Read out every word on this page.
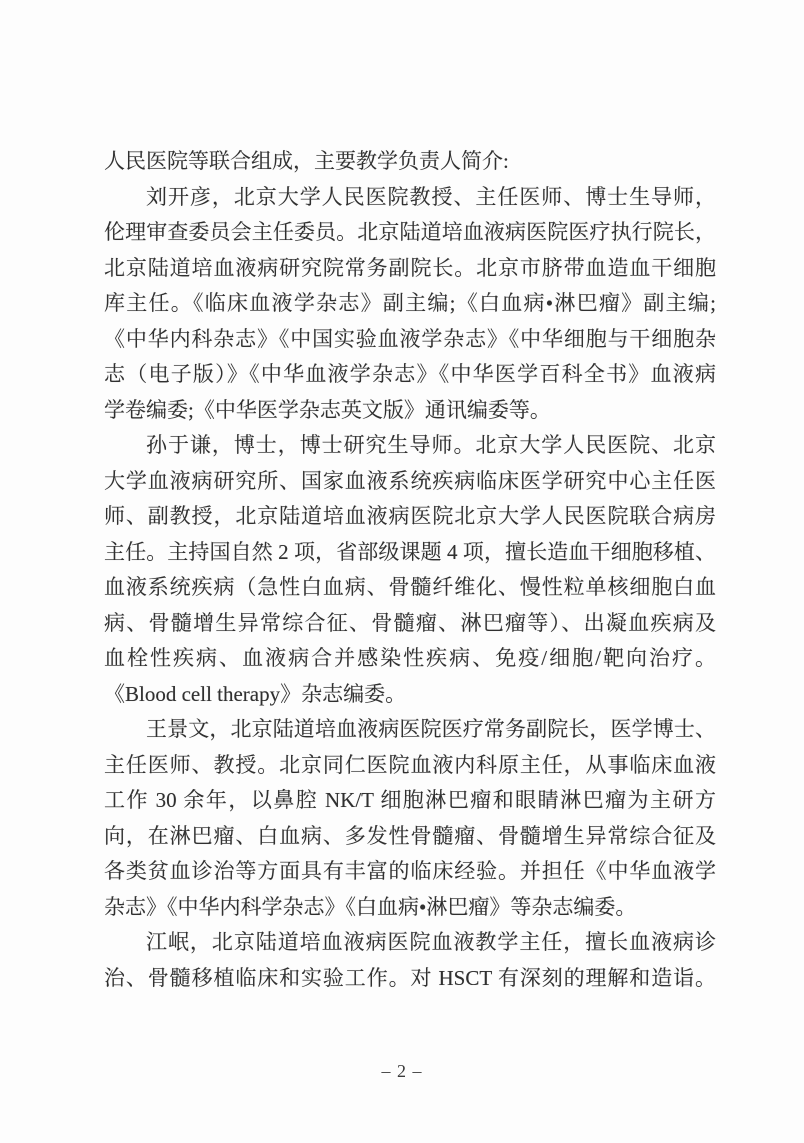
人民医院等联合组成，主要教学负责人简介:
刘开彦，北京大学人民医院教授、主任医师、博士生导师，
伦理审查委员会主任委员。北京陆道培血液病医院医疗执行院长，
北京陆道培血液病研究院常务副院长。北京市脐带血造血干细胞
库主任。《临床血液学杂志》副主编;《白血病•淋巴瘤》副主编;
《中华内科杂志》《中国实验血液学杂志》《中华细胞与干细胞杂
志（电子版）》《中华血液学杂志》《中华医学百科全书》血液病
学卷编委;《中华医学杂志英文版》通讯编委等。
孙于谦，博士，博士研究生导师。北京大学人民医院、北京
大学血液病研究所、国家血液系统疾病临床医学研究中心主任医
师、副教授，北京陆道培血液病医院北京大学人民医院联合病房
主任。主持国自然 2 项，省部级课题 4 项，擅长造血干细胞移植、
血液系统疾病（急性白血病、骨髓纤维化、慢性粒单核细胞白血
病、骨髓增生异常综合征、骨髓瘤、淋巴瘤等）、出凝血疾病及
血栓性疾病、血液病合并感染性疾病、免疫/细胞/靶向治疗。
《Blood cell therapy》杂志编委。
王景文，北京陆道培血液病医院医疗常务副院长，医学博士、
主任医师、教授。北京同仁医院血液内科原主任，从事临床血液
工作 30 余年，以鼻腔 NK/T 细胞淋巴瘤和眼睛淋巴瘤为主研方
向，在淋巴瘤、白血病、多发性骨髓瘤、骨髓增生异常综合征及
各类贫血诊治等方面具有丰富的临床经验。并担任《中华血液学
杂志》《中华内科学杂志》《白血病•淋巴瘤》等杂志编委。
江岷，北京陆道培血液病医院血液教学主任，擅长血液病诊
治、骨髓移植临床和实验工作。对 HSCT 有深刻的理解和造诣。
– 2 –
